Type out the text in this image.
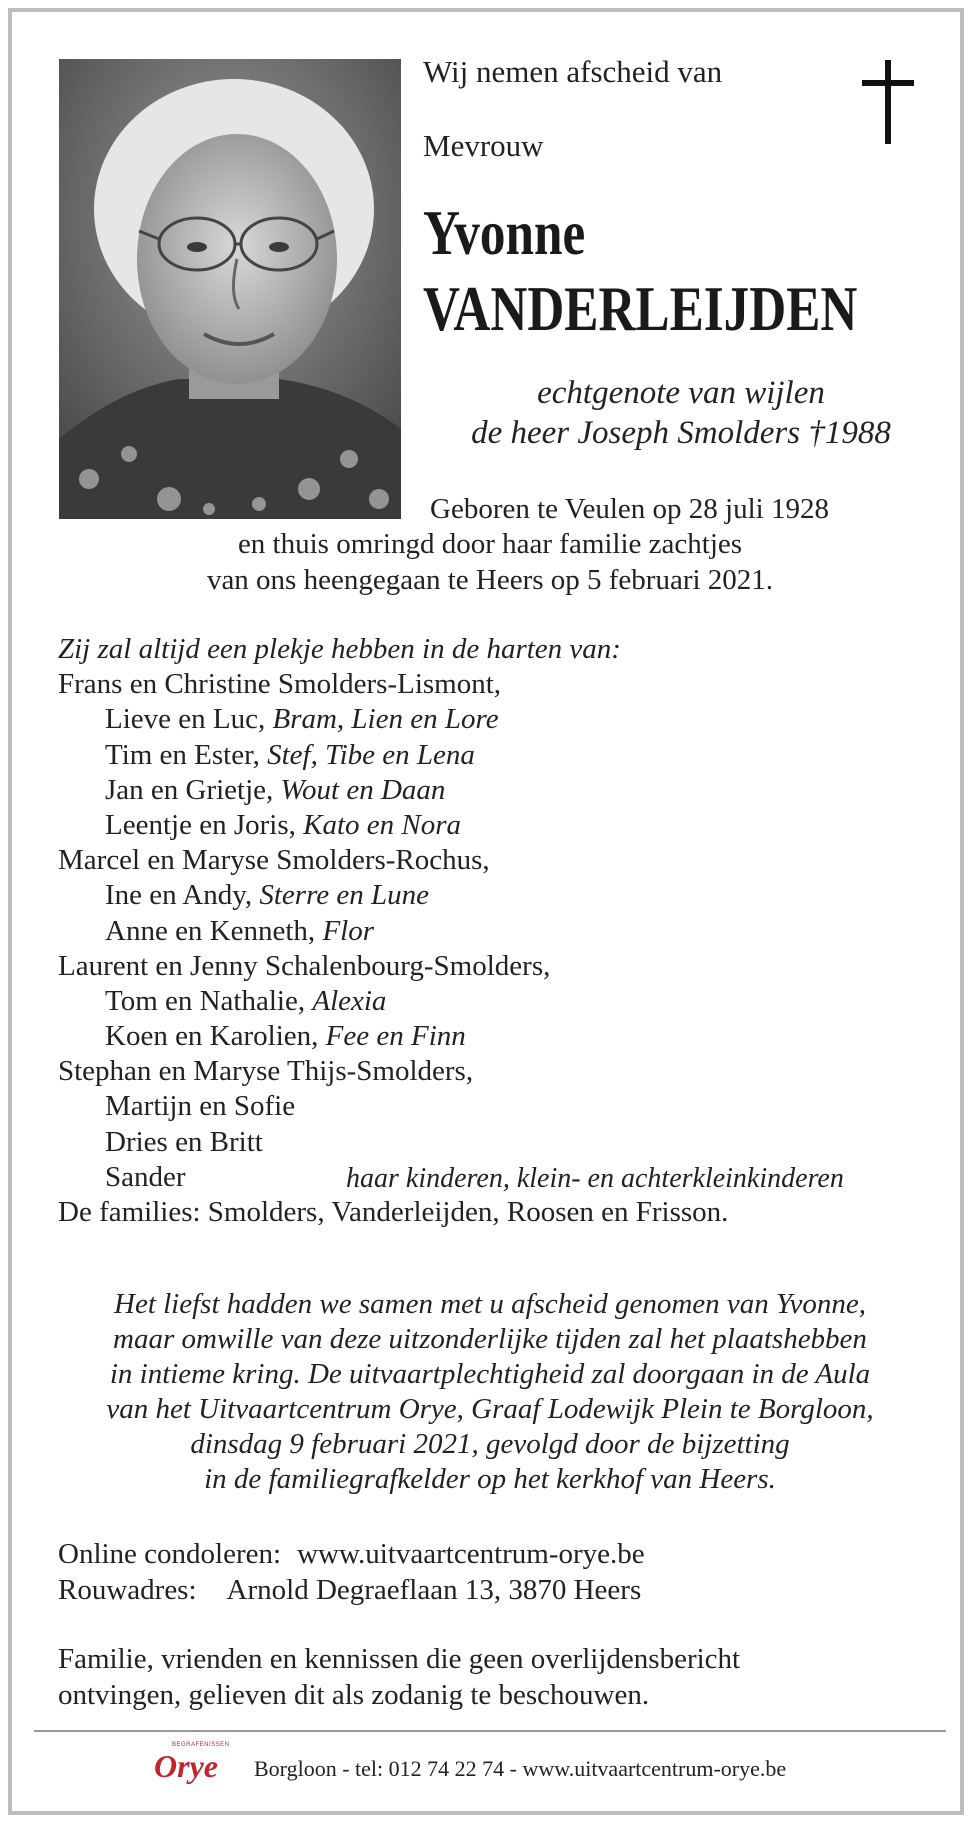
Wij nemen afscheid van
Mevrouw
Yvonne
VANDERLEIJDEN
echtgenote van wijlen
de heer Joseph Smolders †1988
Geboren te Veulen op 28 juli 1928
en thuis omringd door haar familie zachtjes
van ons heengegaan te Heers op 5 februari 2021.
Zij zal altijd een plekje hebben in de harten van:
Frans en Christine Smolders-Lismont,
Lieve en Luc, Bram, Lien en Lore
Tim en Ester, Stef, Tibe en Lena
Jan en Grietje, Wout en Daan
Leentje en Joris, Kato en Nora
Marcel en Maryse Smolders-Rochus,
Ine en Andy, Sterre en Lune
Anne en Kenneth, Flor
Laurent en Jenny Schalenbourg-Smolders,
Tom en Nathalie, Alexia
Koen en Karolien, Fee en Finn
Stephan en Maryse Thijs-Smolders,
Martijn en Sofie
Dries en Britt
Sander
De families: Smolders, Vanderleijden, Roosen en Frisson.
haar kinderen, klein- en achterkleinkinderen
Het liefst hadden we samen met u afscheid genomen van Yvonne,
maar omwille van deze uitzonderlijke tijden zal het plaatshebben
in intieme kring. De uitvaartplechtigheid zal doorgaan in de Aula
van het Uitvaartcentrum Orye, Graaf Lodewijk Plein te Borgloon,
dinsdag 9 februari 2021, gevolgd door de bijzetting
in de familiegrafkelder op het kerkhof van Heers.
Online condoleren: www.uitvaartcentrum-orye.be
Rouwadres: Arnold Degraeflaan 13, 3870 Heers
Familie, vrienden en kennissen die geen overlijdensbericht
ontvingen, gelieven dit als zodanig te beschouwen.
BEGRAFENISSEN
Orye Borgloon - tel: 012 74 22 74 - www.uitvaartcentrum-orye.be
